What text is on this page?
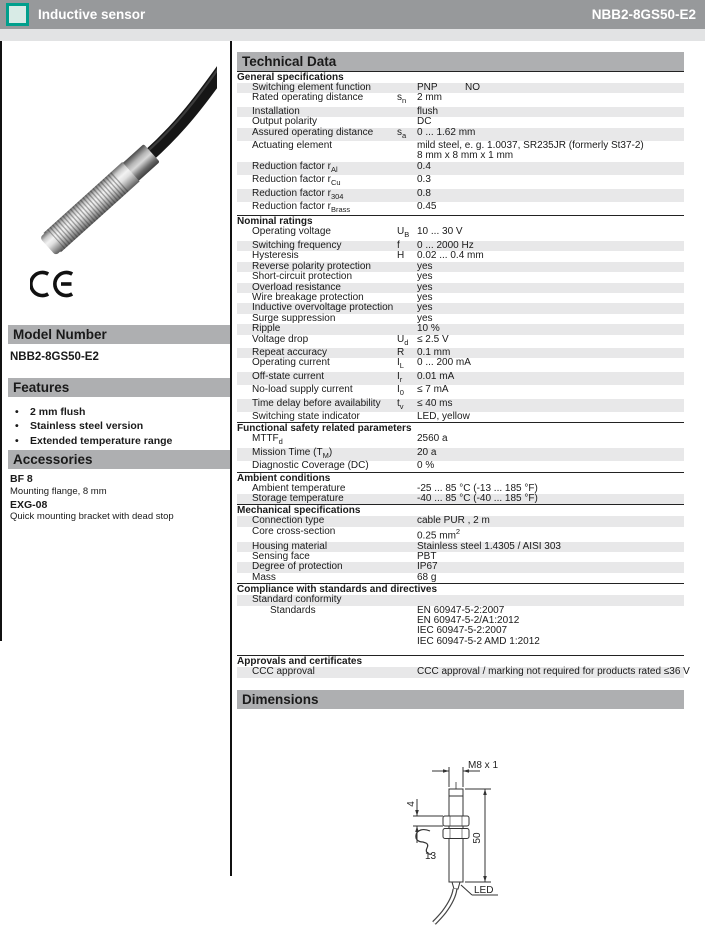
Inductive sensor	NBB2-8GS50-E2
Model Number
NBB2-8GS50-E2
Features
• 2 mm flush
• Stainless steel version
• Extended temperature range
Accessories
BF 8
Mounting flange, 8 mm
EXG-08
Quick mounting bracket with dead stop
Technical Data
General specifications
Switching element function	PNP	NO
Rated operating distance	$s_n$	2 mm
Installation	flush
Output polarity	DC
Assured operating distance	$s_a$	0 ... 1.62 mm
Actuating element	mild steel, e. g. 1.0037, SR235JR (formerly St37-2)
8 mm x 8 mm x 1 mm
Reduction factor $r_{Al}$	0.4
Reduction factor $r_{Cu}$	0.3
Reduction factor $r_{304}$	0.8
Reduction factor $r_{Brass}$	0.45
Nominal ratings
Operating voltage	$U_B$ 10 ... 30 V
Switching frequency	f	0 ... 2000 Hz
Hysteresis	H	0.02 ... 0.4 mm
Reverse polarity protection	yes
Short-circuit protection	yes
Overload resistance	yes
Wire breakage protection	yes
Inductive overvoltage protection	yes
Surge suppression	yes
Ripple	10 %
Voltage drop	$U_d \le 2.5$ V
Repeat accuracy	R	0.1 mm
Operating current	$I_L$	0 ... 200 mA
Off-state current	$I_r$	0.01 mA
No-load supply current	$I_0$	≤ 7 mA
Time delay before availability	$t_v$	≤ 40 ms
Switching state indicator	LED, yellow
Functional safety related parameters
$MTTF_d$	2560 a
Mission Time $(T_M)$	20 a
Diagnostic Coverage (DC)	0 %
Ambient conditions
Ambient temperature	-25 ... 85 °C (-13 ... 185 °F)
Storage temperature	-40 ... 85 °C (-40 ... 185 °F)
Mechanical specifications
Connection type	cable PUR , 2 m
Core cross-section	0.25 $mm^2$
Housing material	Stainless steel 1.4305 / AISI 303
Sensing face	PBT
Degree of protection	IP67
Mass	68 g
Compliance with standards and directives
Standard conformity
Standards	EN 60947-5-2:2007
EN 60947-5-2/A1:2012
IEC 60947-5-2:2007
IEC 60947-5-2 AMD 1:2012
Approvals and certificates
CCC approval	CCC approval / marking not required for products rated ≤36 V
Dimensions
M8 x 1
4
13
50
LED
